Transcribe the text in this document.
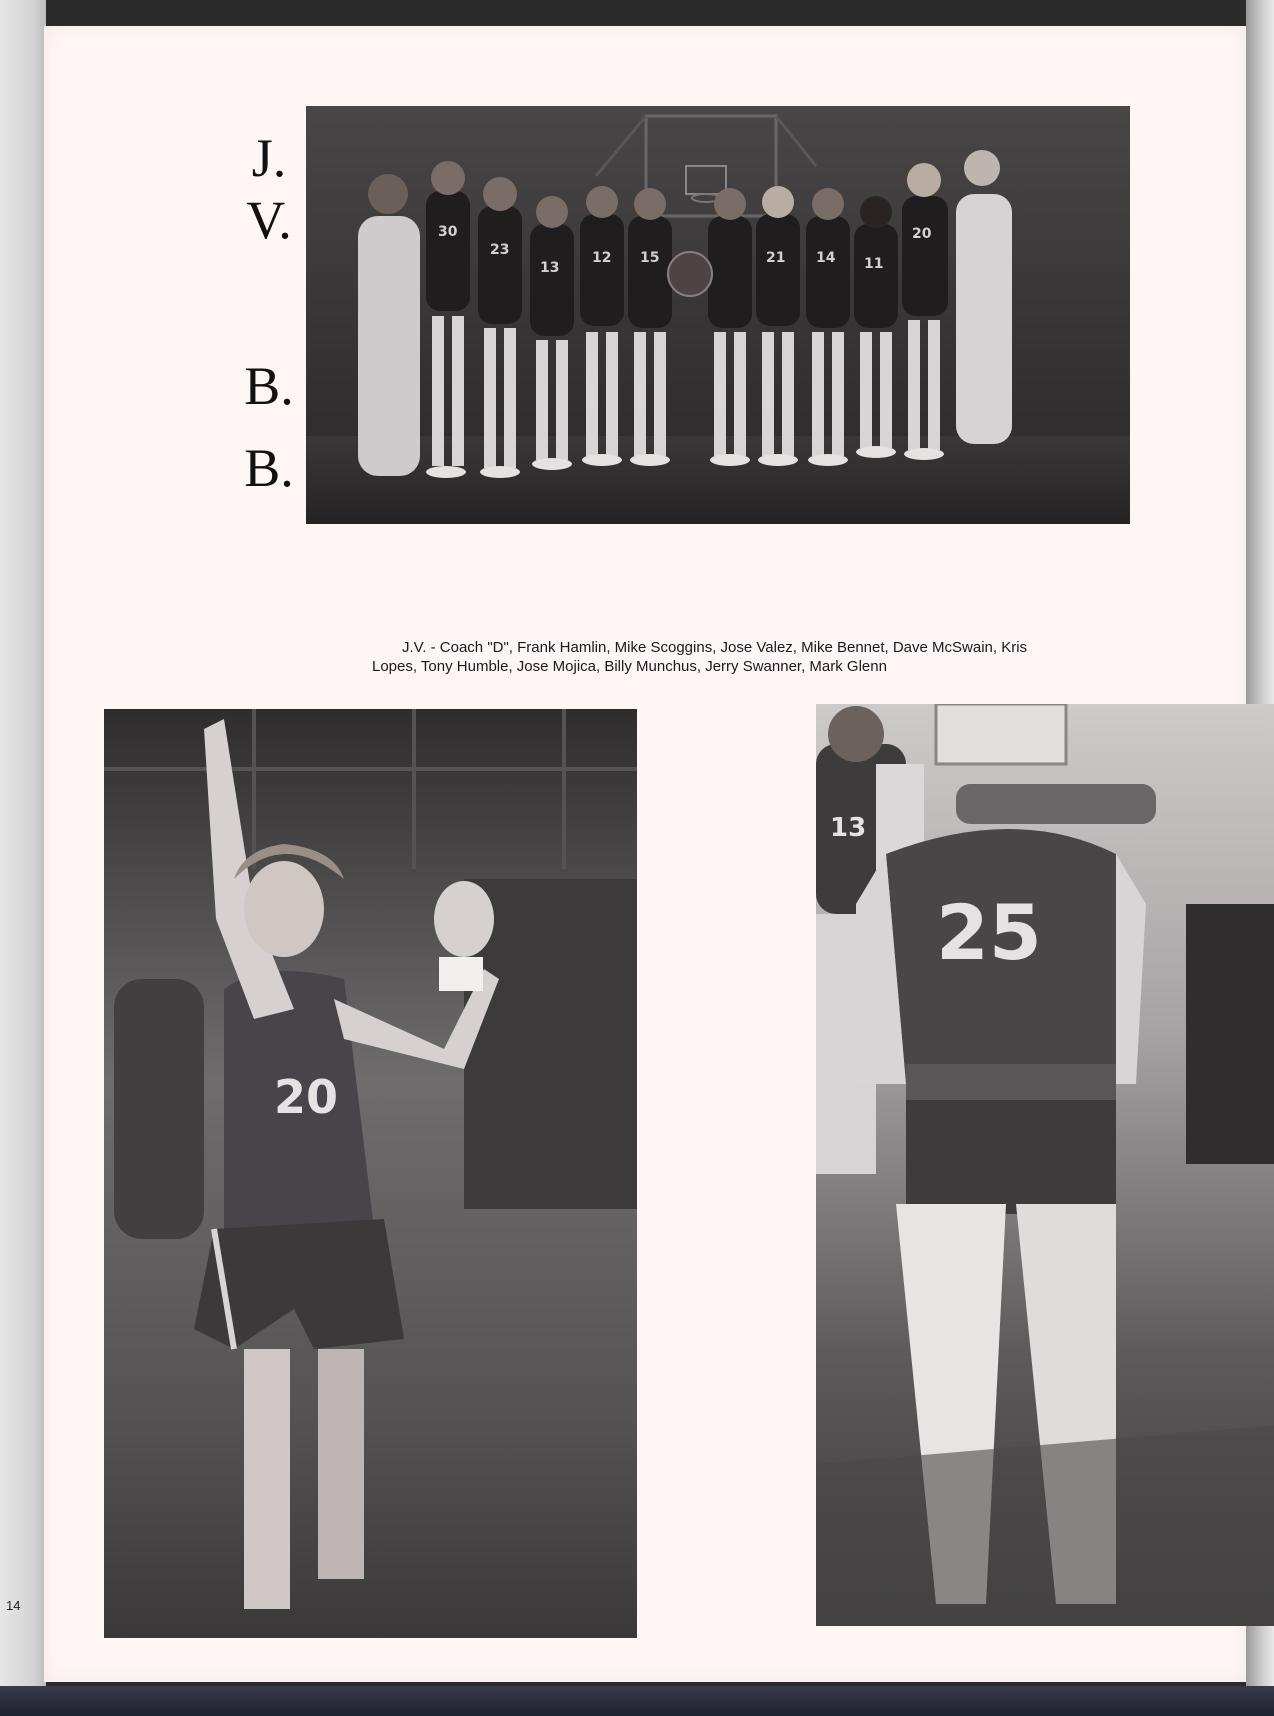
J.
V.
B.
B.
30
23
13
12 15	21 14 11
20

J.V. - Coach "D", Frank Hamlin, Mike Scoggins, Jose Valez, Mike Bennet, Dave McSwain, Kris Lopes, Tony Humble, Jose Mojica, Billy Munchus, Jerry Swanner, Mark Glenn

20
13
25
14
